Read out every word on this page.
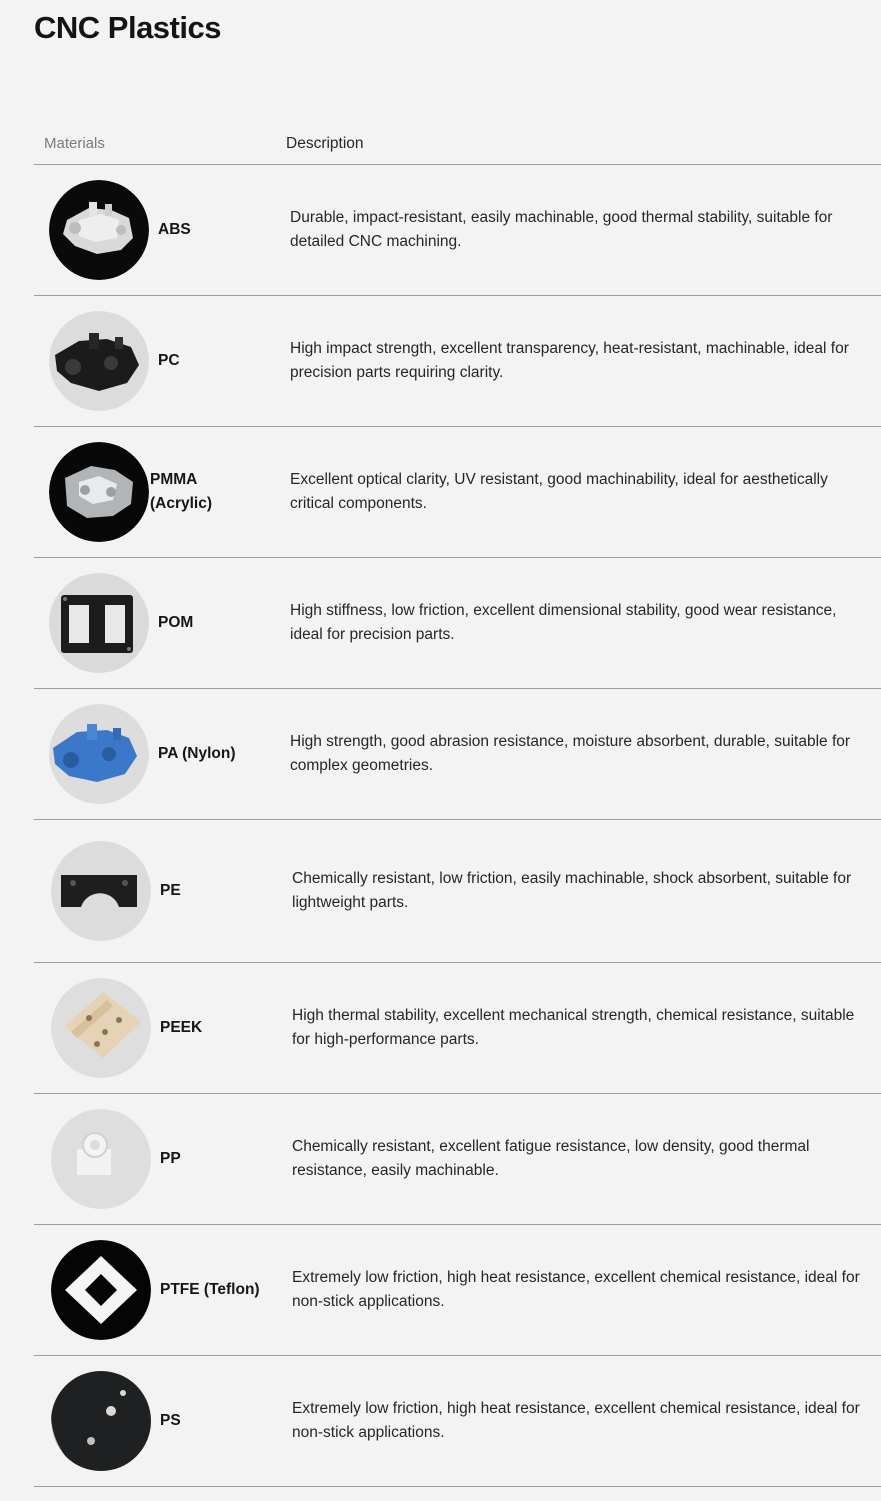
CNC Plastics
Materials	Description
ABS
Durable, impact-resistant, easily machinable, good thermal stability, suitable for detailed CNC machining.
PC
High impact strength, excellent transparency, heat-resistant, machinable, ideal for precision parts requiring clarity.
PMMA (Acrylic)
Excellent optical clarity, UV resistant, good machinability, ideal for aesthetically critical components.
POM
High stiffness, low friction, excellent dimensional stability, good wear resistance, ideal for precision parts.
PA (Nylon)
High strength, good abrasion resistance, moisture absorbent, durable, suitable for complex geometries.
PE
Chemically resistant, low friction, easily machinable, shock absorbent, suitable for lightweight parts.
PEEK
High thermal stability, excellent mechanical strength, chemical resistance, suitable for high-performance parts.
PP
Chemically resistant, excellent fatigue resistance, low density, good thermal resistance, easily machinable.
PTFE (Teflon)
Extremely low friction, high heat resistance, excellent chemical resistance, ideal for non-stick applications.
PS
Extremely low friction, high heat resistance, excellent chemical resistance, ideal for non-stick applications.
